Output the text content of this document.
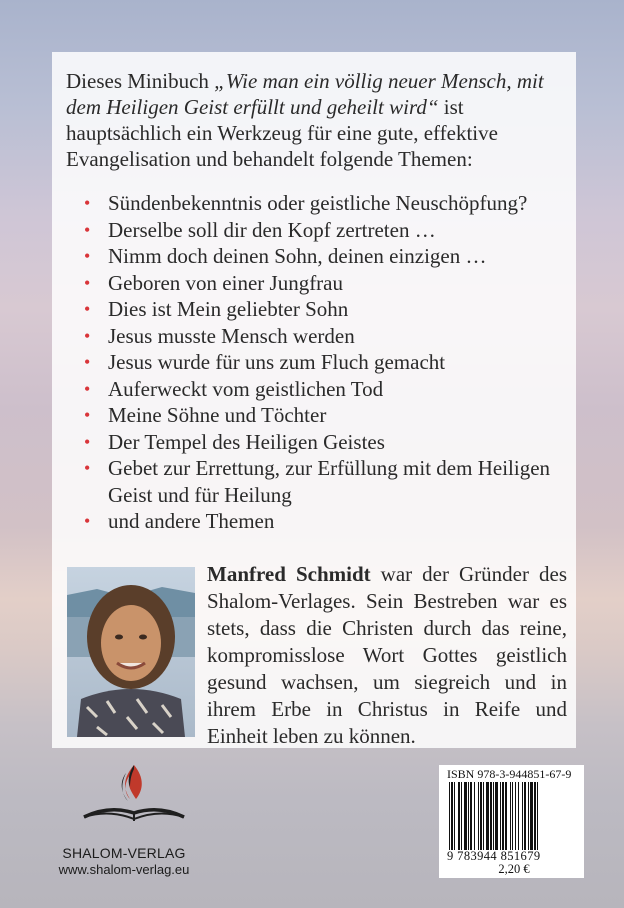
Dieses Minibuch „Wie man ein völlig neuer Mensch, mit dem Heiligen Geist erfüllt und geheilt wird“ ist hauptsächlich ein Werkzeug für eine gute, effektive Evangelisation und behandelt folgende Themen:

• Sündenbekenntnis oder geistliche Neuschöpfung?
• Derselbe soll dir den Kopf zertreten …
• Nimm doch deinen Sohn, deinen einzigen …
• Geboren von einer Jungfrau
• Dies ist Mein geliebter Sohn
• Jesus musste Mensch werden
• Jesus wurde für uns zum Fluch gemacht
• Auferweckt vom geistlichen Tod
• Meine Söhne und Töchter
• Der Tempel des Heiligen Geistes
• Gebet zur Errettung, zur Erfüllung mit dem Heiligen Geist und für Heilung
• und andere Themen

Manfred Schmidt war der Gründer des Shalom-Verlages. Sein Bestreben war es stets, dass die Christen durch das reine, kompromisslose Wort Gottes geistlich gesund wachsen, um siegreich und in ihrem Erbe in Christus in Reife und Einheit leben zu können.

SHALOM-VERLAG
www.shalom-verlag.eu
ISBN 978-3-944851-67-9
9 783944 851679
2,20 €
